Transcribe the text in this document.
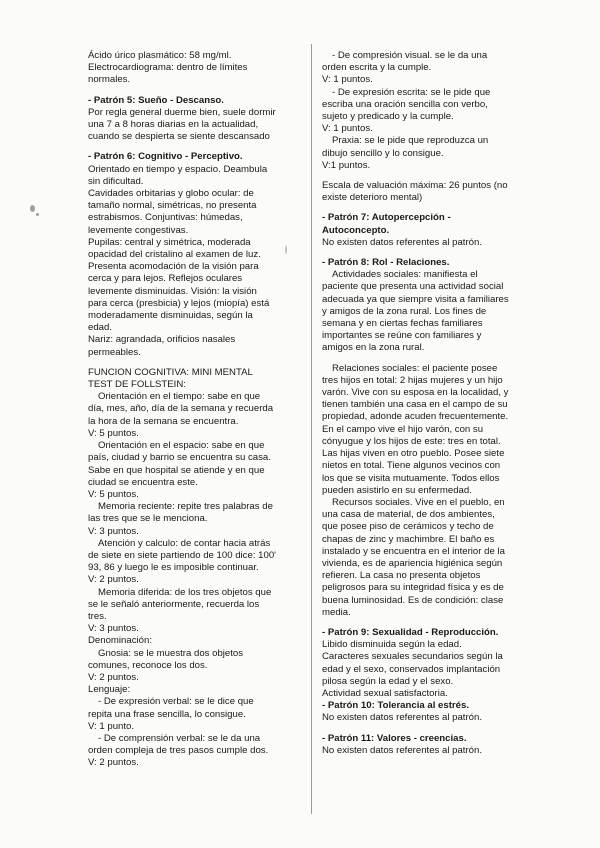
Ácido úrico plasmático: 58 mg/ml.
Electrocardiograma: dentro de límites
normales.
- Patrón 5: Sueño - Descanso.
Por regla general duerme bien, suele dormir
una 7 a 8 horas diarias en la actualidad,
cuando se despierta se siente descansado
- Patrón 6: Cognitivo - Perceptivo.
Orientado en tiempo y espacio. Deambula
sin dificultad.
Cavidades orbitarias y globo ocular: de
tamaño normal, simétricas, no presenta
estrabismos. Conjuntivas: húmedas,
levemente congestivas.
Pupilas: central y simétrica, moderada
opacidad del cristalino al examen de luz.
Presenta acomodación de la visión para
cerca y para lejos. Reflejos oculares
levemente disminuidas. Visión: la visión
para cerca (presbicia) y lejos (miopía) está
moderadamente disminuidas, según la
edad.
Nariz: agrandada, orificios nasales
permeables.
FUNCION COGNITIVA: MINI MENTAL
TEST DE FOLLSTEIN:
Orientación en el tiempo: sabe en que
día, mes, año, día de la semana y recuerda
la hora de la semana se encuentra.
V: 5 puntos.
Orientación en el espacio: sabe en que
país, ciudad y barrio se encuentra su casa.
Sabe en que hospital se atiende y en que
ciudad se encuentra este.
V: 5 puntos.
Memoria reciente: repite tres palabras de
las tres que se le menciona.
V: 3 puntos.
Atención y calculo: de contar hacia atrás
de siete en siete partiendo de 100 dice: 100'
93, 86 y luego le es imposible continuar.
V: 2 puntos.
Memoria diferida: de los tres objetos que
se le señaló anteriormente, recuerda los
tres.
V: 3 puntos.
Denominación:
Gnosia: se le muestra dos objetos
comunes, reconoce los dos.
V: 2 puntos.
Lenguaje:
- De expresión verbal: se le dice que
repita una frase sencilla, lo consigue.
V: 1 punto.
- De comprensión verbal: se le da una
orden compleja de tres pasos cumple dos.
V: 2 puntos.
- De compresión visual. se le da una
orden escrita y la cumple.
V: 1 puntos.
- De expresión escrita: se le pide que
escriba una oración sencilla con verbo,
sujeto y predicado y la cumple.
V: 1 puntos.
Praxia: se le pide que reproduzca un
dibujo sencillo y lo consigue.
V:1 puntos.
Escala de valuación máxima: 26 puntos (no
existe deterioro mental)
- Patrón 7: Autopercepción -
Autoconcepto.
No existen datos referentes al patrón.
- Patrón 8: Rol - Relaciones.
Actividades sociales: manifiesta el
paciente que presenta una actividad social
adecuada ya que siempre visita a familiares
y amigos de la zona rural. Los fines de
semana y en ciertas fechas familiares
importantes se reúne con familiares y
amigos en la zona rural.
Relaciones sociales: el paciente posee
tres hijos en total: 2 hijas mujeres y un hijo
varón. Vive con su esposa en la localidad, y
tienen también una casa en el campo de su
propiedad, adonde acuden frecuentemente.
En el campo vive el hijo varón, con su
cónyugue y los hijos de este: tres en total.
Las hijas viven en otro pueblo. Posee siete
nietos en total. Tiene algunos vecinos con
los que se visita mutuamente. Todos ellos
pueden asistirlo en su enfermedad.
Recursos sociales. Vive en el pueblo, en
una casa de material, de dos ambientes,
que posee piso de cerámicos y techo de
chapas de zinc y machimbre. El baño es
instalado y se encuentra en el interior de la
vivienda, es de apariencia higiénica según
refieren. La casa no presenta objetos
peligrosos para su integridad física y es de
buena luminosidad. Es de condición: clase
media.
- Patrón 9: Sexualidad - Reproducción.
Libido disminuida según la edad.
Caracteres sexuales secundarios según la
edad y el sexo, conservados implantación
pilosa según la edad y el sexo.
Actividad sexual satisfactoria.
- Patrón 10: Tolerancia al estrés.
No existen datos referentes al patrón.
- Patrón 11: Valores - creencias.
No existen datos referentes al patrón.
